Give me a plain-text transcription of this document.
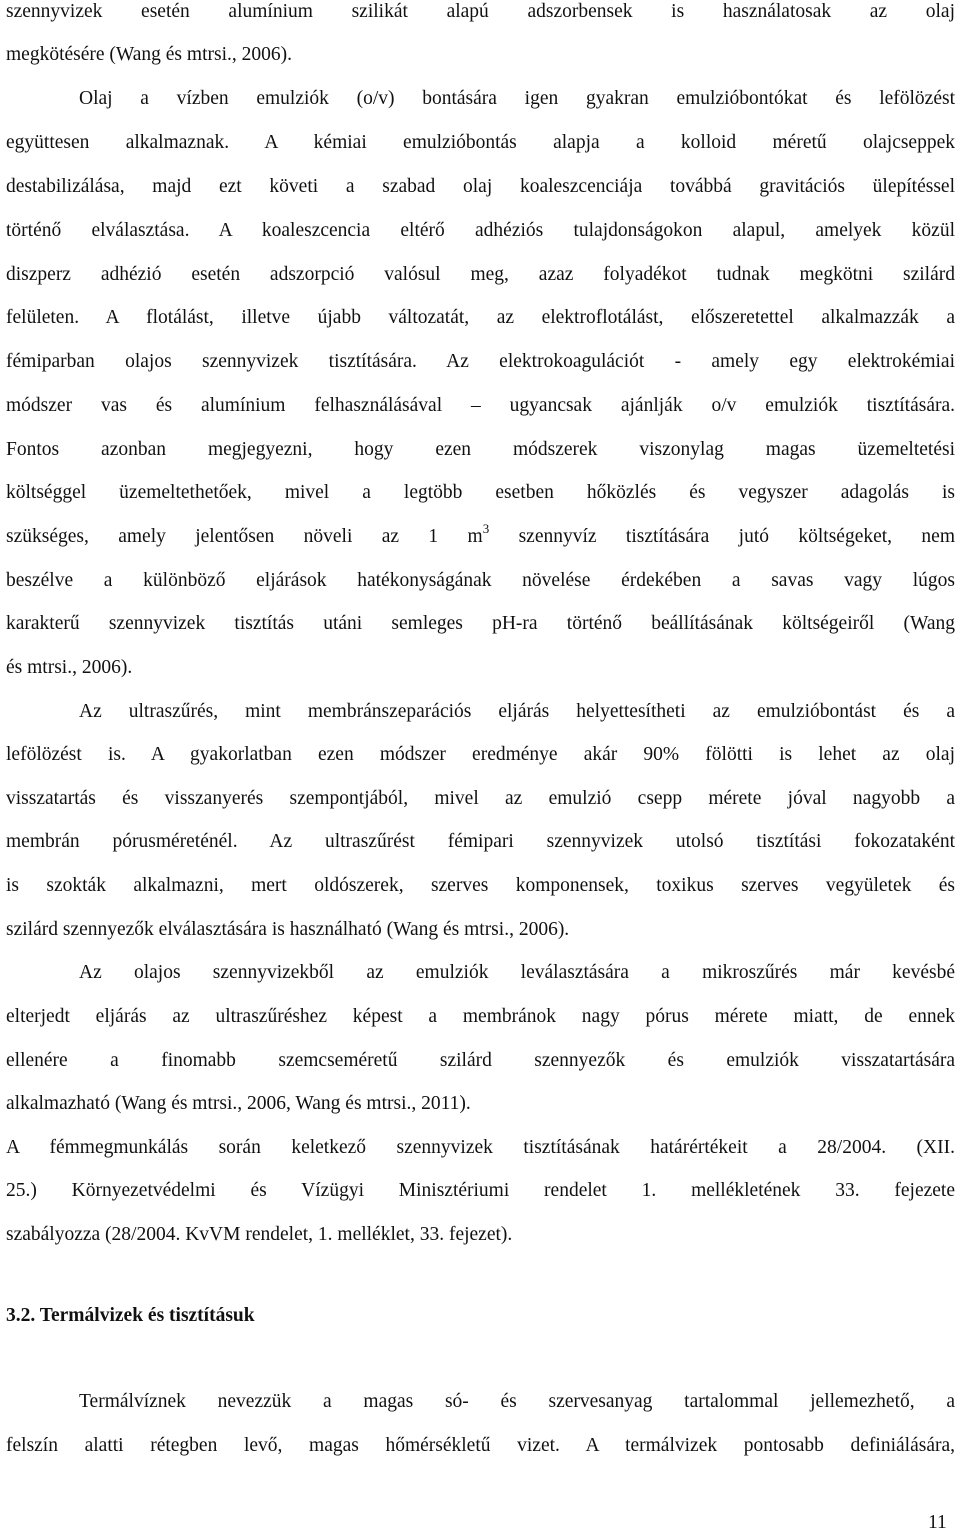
szennyvizek esetén alumínium szilikát alapú adszorbensek is használatosak az olaj
megkötésére (Wang és mtrsi., 2006).
Olaj a vízben emulziók (o/v) bontására igen gyakran emulzióbontókat és lefölözést
együttesen alkalmaznak. A kémiai emulzióbontás alapja a kolloid méretű olajcseppek
destabilizálása, majd ezt követi a szabad olaj koaleszcenciája továbbá gravitációs ülepítéssel
történő elválasztása. A koaleszcencia eltérő adhéziós tulajdonságokon alapul, amelyek közül
diszperz adhézió esetén adszorpció valósul meg, azaz folyadékot tudnak megkötni szilárd
felületen. A flotálást, illetve újabb változatát, az elektroflotálást, előszeretettel alkalmazzák a
fémiparban olajos szennyvizek tisztítására. Az elektrokoagulációt - amely egy elektrokémiai
módszer vas és alumínium felhasználásával – ugyancsak ajánlják o/v emulziók tisztítására.
Fontos azonban megjegyezni, hogy ezen módszerek viszonylag magas üzemeltetési
költséggel üzemeltethetőek, mivel a legtöbb esetben hőközlés és vegyszer adagolás is
szükséges, amely jelentősen növeli az 1 $m^3$ szennyvíz tisztítására jutó költségeket, nem
beszélve a különböző eljárások hatékonyságának növelése érdekében a savas vagy lúgos
karakterű szennyvizek tisztítás utáni semleges pH-ra történő beállításának költségeiről (Wang
és mtrsi., 2006).
Az ultraszűrés, mint membránszeparációs eljárás helyettesítheti az emulzióbontást és a
lefölözést is. A gyakorlatban ezen módszer eredménye akár 90% fölötti is lehet az olaj
visszatartás és visszanyerés szempontjából, mivel az emulzió csepp mérete jóval nagyobb a
membrán pórusméreténél. Az ultraszűrést fémipari szennyvizek utolsó tisztítási fokozataként
is szokták alkalmazni, mert oldószerek, szerves komponensek, toxikus szerves vegyületek és
szilárd szennyezők elválasztására is használható (Wang és mtrsi., 2006).
Az olajos szennyvizekből az emulziók leválasztására a mikroszűrés már kevésbé
elterjedt eljárás az ultraszűréshez képest a membránok nagy pórus mérete miatt, de ennek
ellenére a finomabb szemcseméretű szilárd szennyezők és emulziók visszatartására
alkalmazható (Wang és mtrsi., 2006, Wang és mtrsi., 2011).
A fémmegmunkálás során keletkező szennyvizek tisztításának határértékeit a 28/2004. (XII.
25.) Környezetvédelmi és Vízügyi Minisztériumi rendelet 1. mellékletének 33. fejezete
szabályozza (28/2004. KvVM rendelet, 1. melléklet, 33. fejezet).
3.2. Termálvizek és tisztításuk
Termálvíznek nevezzük a magas só- és szervesanyag tartalommal jellemezhető, a
felszín alatti rétegben levő, magas hőmérsékletű vizet. A termálvizek pontosabb definiálására,
11
